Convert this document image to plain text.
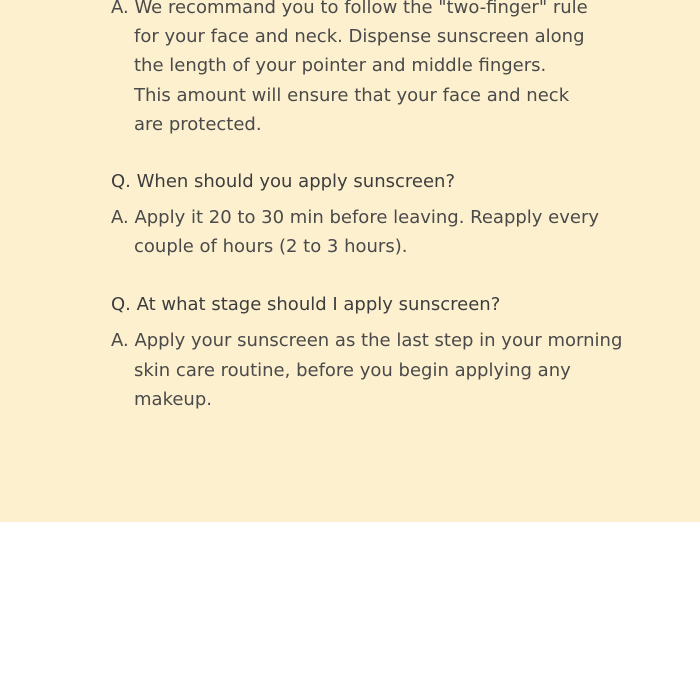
A. We recommand you to follow the "two-finger" rule
for your face and neck. Dispense sunscreen along
the length of your pointer and middle fingers.
This amount will ensure that your face and neck
are protected.
Q. When should you apply sunscreen?
A. Apply it 20 to 30 min before leaving. Reapply every
couple of hours (2 to 3 hours).
Q. At what stage should I apply sunscreen?
A. Apply your sunscreen as the last step in your morning
skin care routine, before you begin applying any
makeup.
